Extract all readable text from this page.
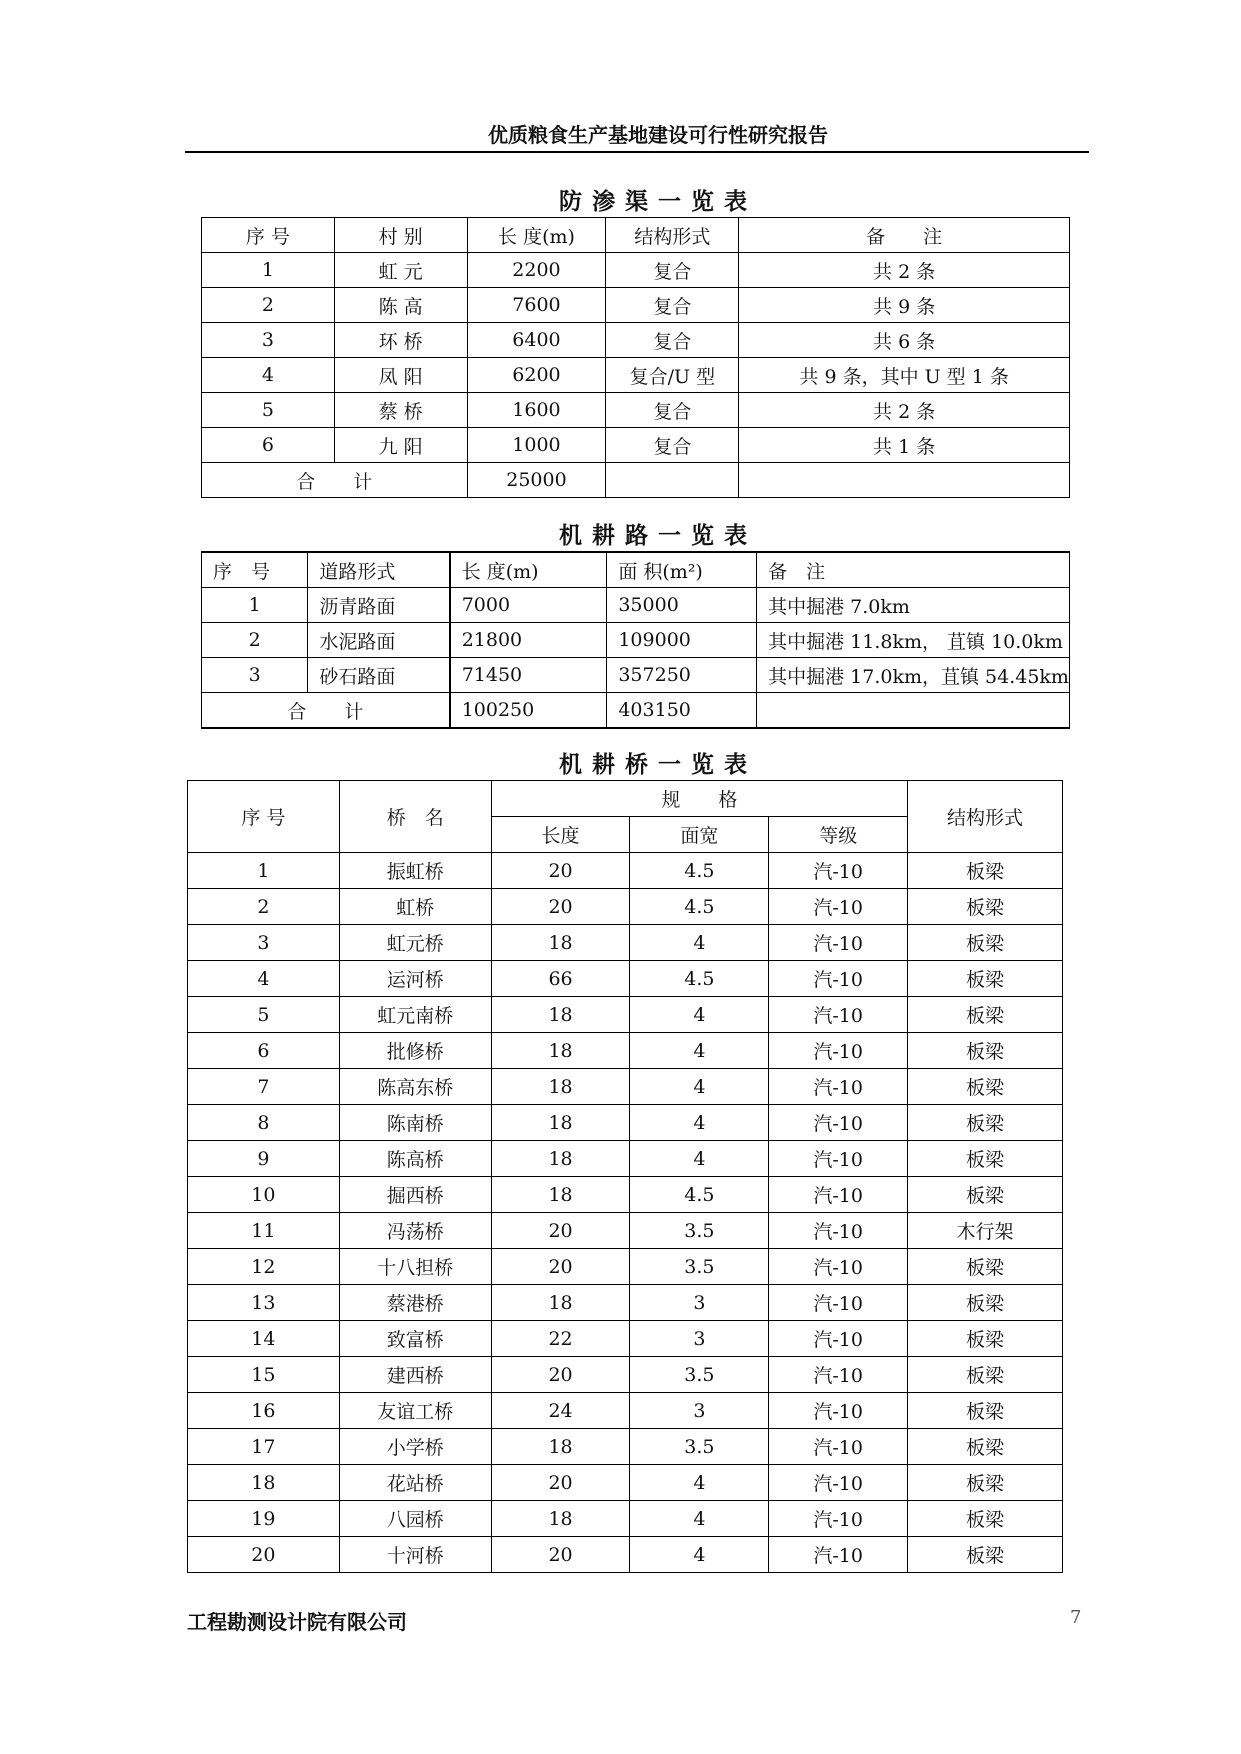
优质粮食生产基地建设可行性研究报告
防渗渠一览表
序 号	村 别	长 度(m)	结构形式	备　　注
1	虹 元	2200	复合	共 2 条
2	陈 高	7600	复合	共 9 条
3	环 桥	6400	复合	共 6 条
4	凤 阳	6200	复合/U 型	共 9 条，其中 U 型 1 条
5	蔡 桥	1600	复合	共 2 条
6	九 阳	1000	复合	共 1 条
合　　计		25000		
机耕路一览表
序　号	道路形式	长 度(m)	面 积(m²)	备　注
1	沥青路面	7000	35000	其中掘港 7.0km
2	水泥路面	21800	109000	其中掘港 11.8km， 苴镇 10.0km
3	砂石路面	71450	357250	其中掘港 17.0km，苴镇 54.45km
合　　计		100250	403150	
机耕桥一览表
序 号	桥　名	规　　格			结构形式
		长度	面宽	等级	
1	振虹桥	20	4.5	汽-10	板梁
2	虹桥	20	4.5	汽-10	板梁
3	虹元桥	18	4	汽-10	板梁
4	运河桥	66	4.5	汽-10	板梁
5	虹元南桥	18	4	汽-10	板梁
6	批修桥	18	4	汽-10	板梁
7	陈高东桥	18	4	汽-10	板梁
8	陈南桥	18	4	汽-10	板梁
9	陈高桥	18	4	汽-10	板梁
10	掘西桥	18	4.5	汽-10	板梁
11	冯荡桥	20	3.5	汽-10	木行架
12	十八担桥	20	3.5	汽-10	板梁
13	蔡港桥	18	3	汽-10	板梁
14	致富桥	22	3	汽-10	板梁
15	建西桥	20	3.5	汽-10	板梁
16	友谊工桥	24	3	汽-10	板梁
17	小学桥	18	3.5	汽-10	板梁
18	花站桥	20	4	汽-10	板梁
19	八园桥	18	4	汽-10	板梁
20	十河桥	20	4	汽-10	板梁
工程勘测设计院有限公司	7
